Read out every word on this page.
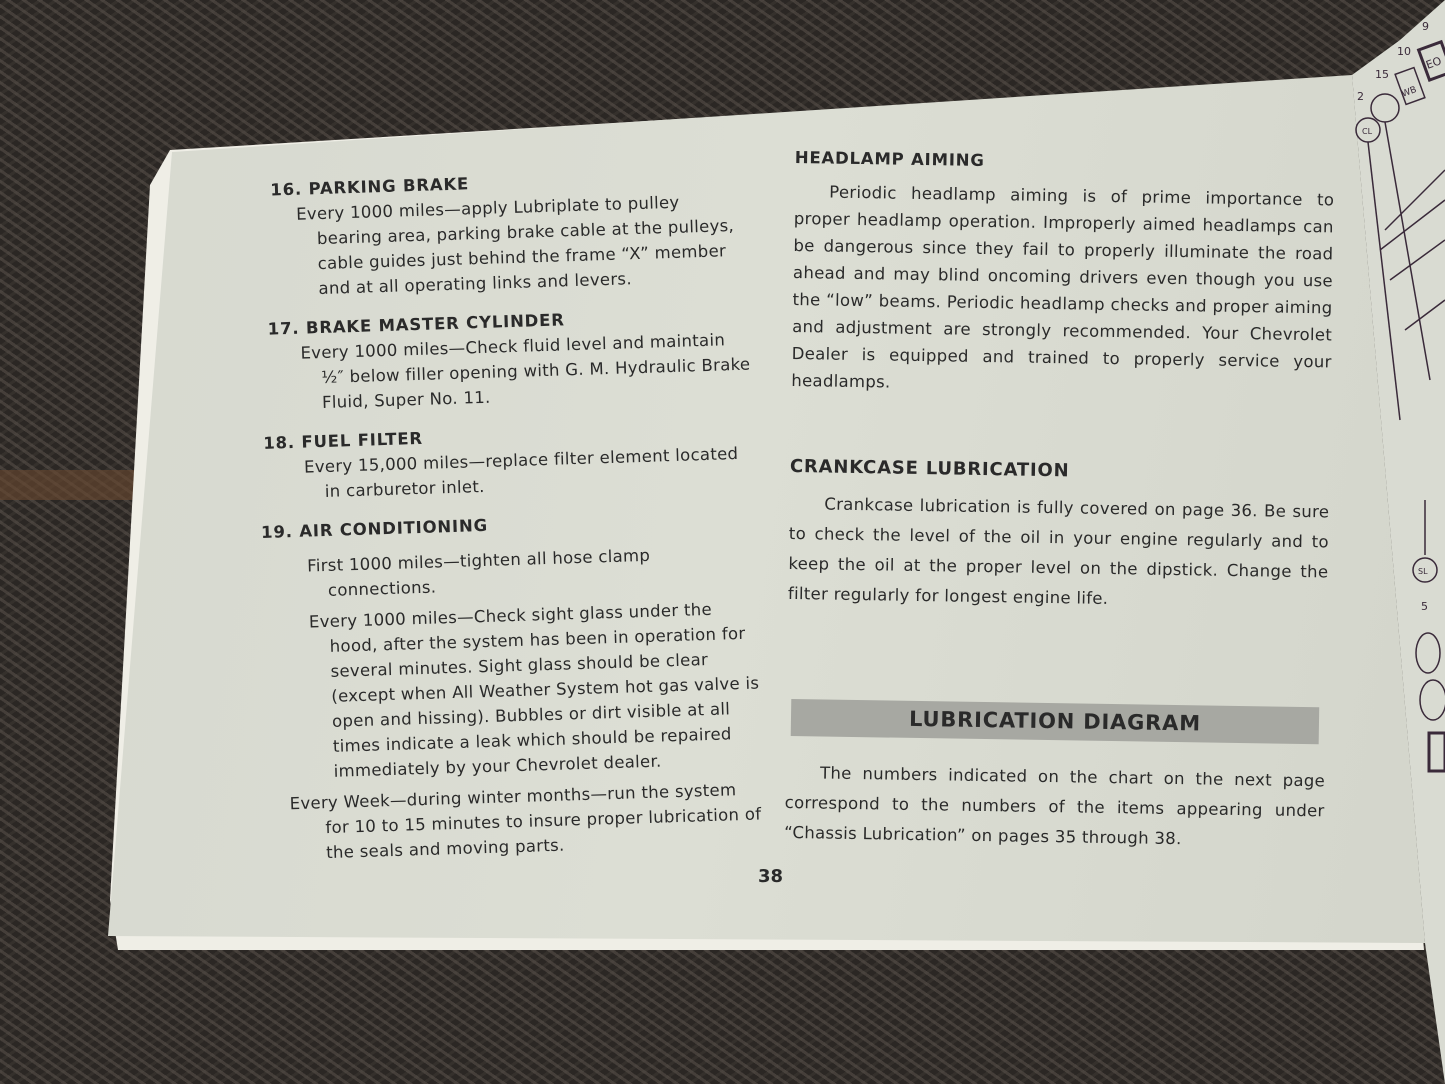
16. PARKING BRAKE
Every 1000 miles—apply Lubriplate to pulley bearing area, parking brake cable at the pulleys, cable guides just behind the frame “X” member and at all operating links and levers.
17. BRAKE MASTER CYLINDER
Every 1000 miles—Check fluid level and maintain ½″ below filler opening with G. M. Hydraulic Brake Fluid, Super No. 11.
18. FUEL FILTER
Every 15,000 miles—replace filter element located in carburetor inlet.
19. AIR CONDITIONING
First 1000 miles—tighten all hose clamp connections.
Every 1000 miles—Check sight glass under the hood, after the system has been in operation for several minutes. Sight glass should be clear (except when All Weather System hot gas valve is open and hissing). Bubbles or dirt visible at all times indicate a leak which should be repaired immediately by your Chevrolet dealer.
Every Week—during winter months—run the system for 10 to 15 minutes to insure proper lubrication of the seals and moving parts.
HEADLAMP AIMING
Periodic headlamp aiming is of prime importance to proper headlamp operation. Improperly aimed headlamps can be dangerous since they fail to properly illuminate the road ahead and may blind oncoming drivers even though you use the “low” beams. Periodic headlamp checks and proper aiming and adjustment are strongly recommended. Your Chevrolet Dealer is equipped and trained to properly service your headlamps.
CRANKCASE LUBRICATION
Crankcase lubrication is fully covered on page 36. Be sure to check the level of the oil in your engine regularly and to keep the oil at the proper level on the dipstick. Change the filter regularly for longest engine life.
LUBRICATION DIAGRAM
The numbers indicated on the chart on the next page correspond to the numbers of the items appearing under “Chassis Lubrication” on pages 35 through 38.
38
2
15
10
9
5
CL
WB
EO
SL
